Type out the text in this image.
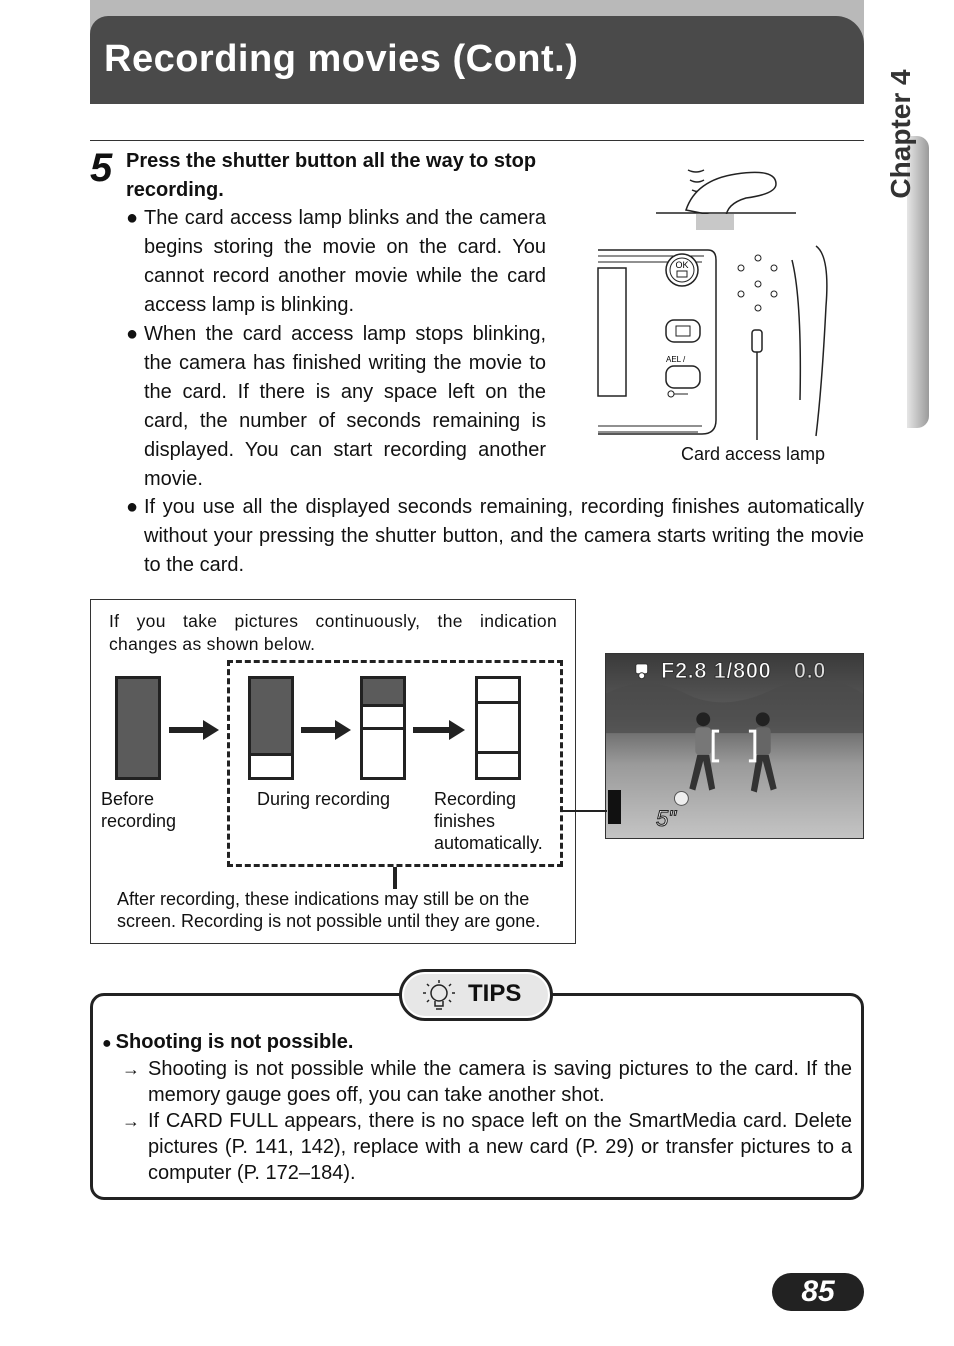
Recording movies (Cont.)
Chapter 4
5 Press the shutter button all the way to stop recording.
● The card access lamp blinks and the camera begins storing the movie on the card. You cannot record another movie while the card access lamp is blinking.
● When the card access lamp stops blinking, the camera has finished writing the movie to the card. If there is any space left on the card, the number of seconds remaining is displayed. You can start recording another movie.
● If you use all the displayed seconds remaining, recording finishes automatically without your pressing the shutter button, and the camera starts writing the movie to the card.
OK
AEL /
Card access lamp
If you take pictures continuously, the indication changes as shown below.
Before recording
During recording	Recording finishes automatically.
After recording, these indications may still be on the screen. Recording is not possible until they are gone.
F2.8 1/800 0.0
5"
TIPS
● Shooting is not possible.
→ Shooting is not possible while the camera is saving pictures to the card. If the memory gauge goes off, you can take another shot.
→ If CARD FULL appears, there is no space left on the SmartMedia card. Delete pictures (P. 141, 142), replace with a new card (P. 29) or transfer pictures to a computer (P. 172–184).
85
